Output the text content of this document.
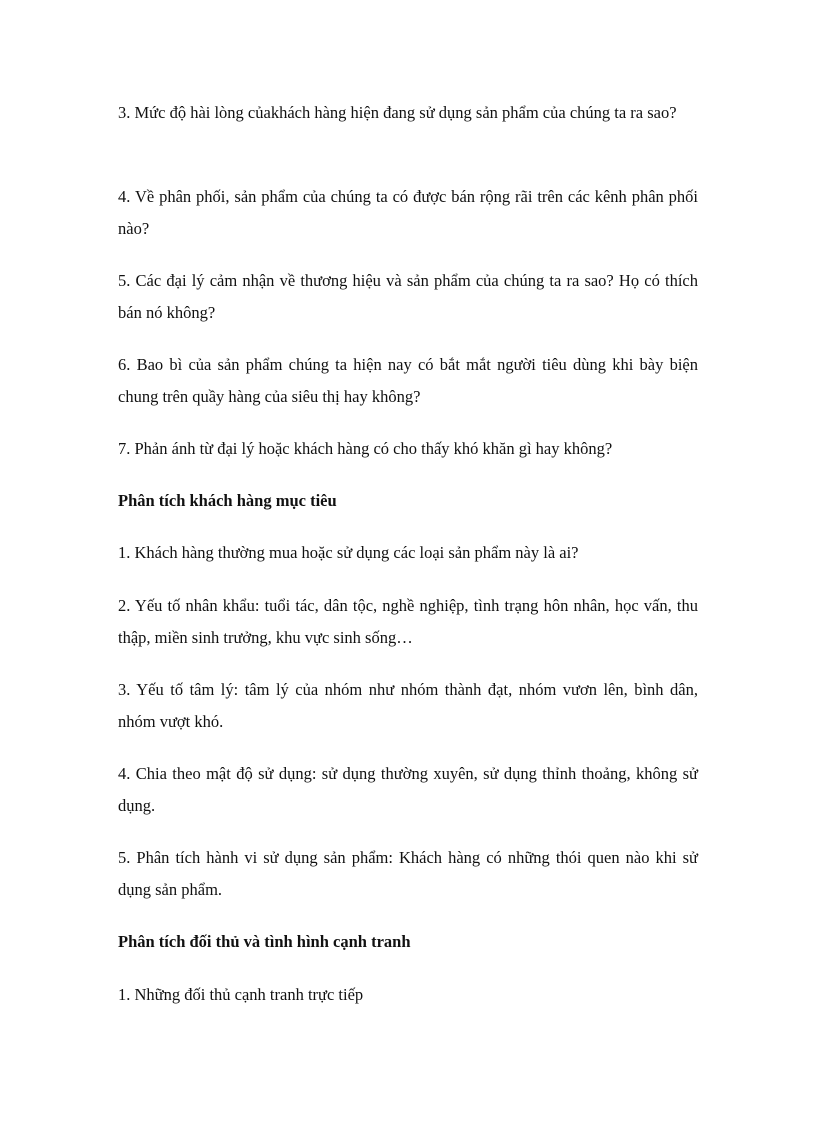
3. Mức độ hài lòng củakhách hàng hiện đang sử dụng sản phẩm của chúng ta ra sao?

4. Về phân phối, sản phẩm của chúng ta có được bán rộng rãi trên các kênh phân phối nào?

5. Các đại lý cảm nhận về thương hiệu và sản phẩm của chúng ta ra sao? Họ có thích bán nó không?

6. Bao bì của sản phẩm chúng ta hiện nay có bắt mắt người tiêu dùng khi bày biện chung trên quầy hàng của siêu thị hay không?

7. Phản ánh từ đại lý hoặc khách hàng có cho thấy khó khăn gì hay không?

Phân tích khách hàng mục tiêu

1. Khách hàng thường mua hoặc sử dụng các loại sản phẩm này là ai?

2. Yếu tố nhân khẩu: tuổi tác, dân tộc, nghề nghiệp, tình trạng hôn nhân, học vấn, thu thập, miền sinh trưởng, khu vực sinh sống…

3. Yếu tố tâm lý: tâm lý của nhóm như nhóm thành đạt, nhóm vươn lên, bình dân, nhóm vượt khó.

4. Chia theo mật độ sử dụng: sử dụng thường xuyên, sử dụng thỉnh thoảng, không sử dụng.

5. Phân tích hành vi sử dụng sản phẩm: Khách hàng có những thói quen nào khi sử dụng sản phẩm.

Phân tích đối thủ và tình hình cạnh tranh

1. Những đối thủ cạnh tranh trực tiếp
